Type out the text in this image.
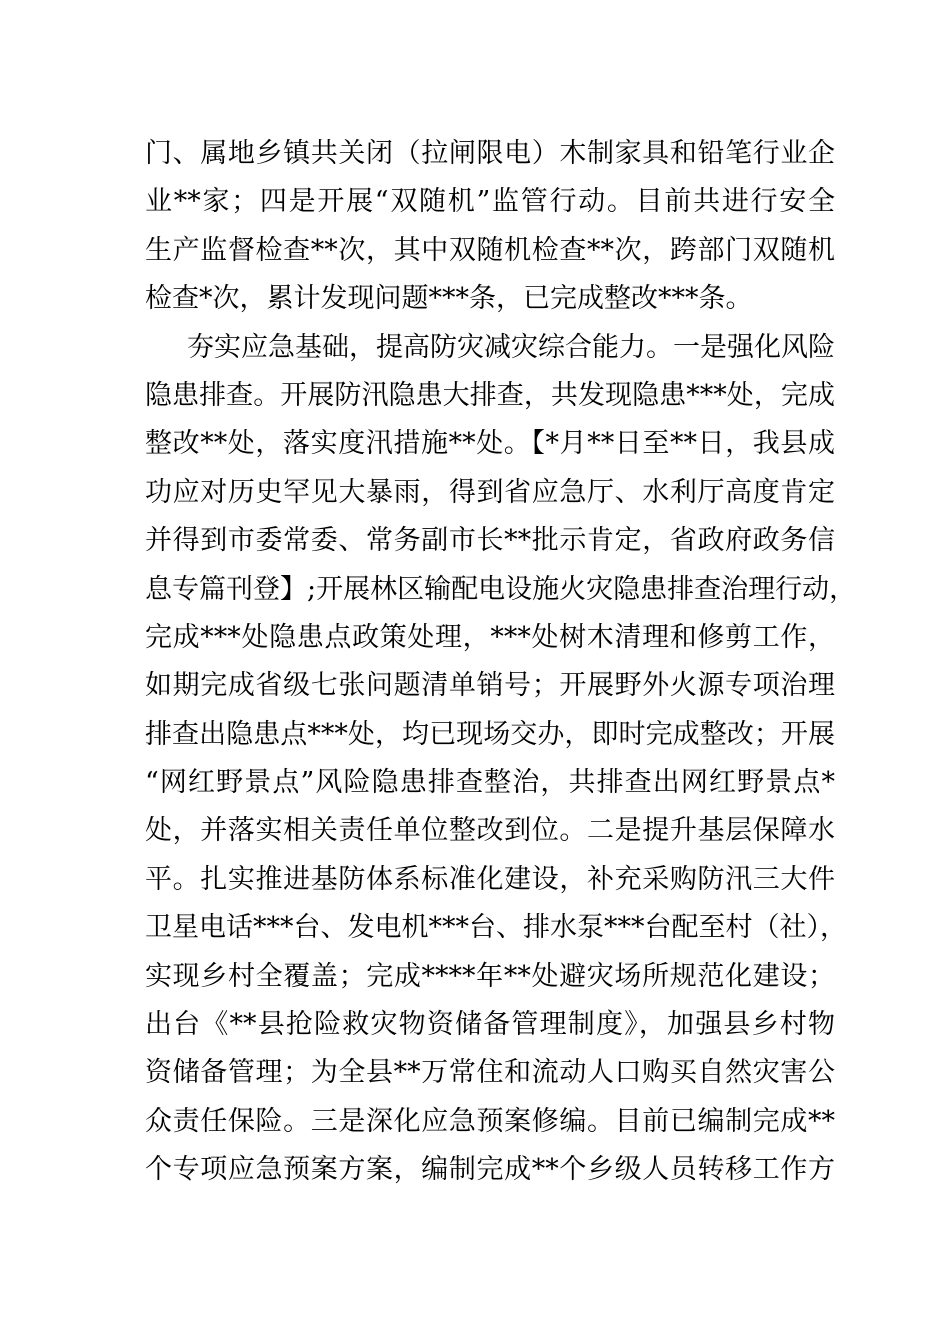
门、属地乡镇共关闭（拉闸限电）木制家具和铅笔行业企
业**家；四是开展“双随机”监管行动。目前共进行安全
生产监督检查**次，其中双随机检查**次，跨部门双随机
检查*次，累计发现问题***条，已完成整改***条。
夯实应急基础，提高防灾减灾综合能力。一是强化风险
隐患排查。开展防汛隐患大排查，共发现隐患***处，完成
整改**处，落实度汛措施**处。【*月**日至**日，我县成
功应对历史罕见大暴雨，得到省应急厅、水利厅高度肯定
并得到市委常委、常务副市长**批示肯定，省政府政务信
息专篇刊登】;开展林区输配电设施火灾隐患排查治理行动，
完成***处隐患点政策处理，***处树木清理和修剪工作，
如期完成省级七张问题清单销号；开展野外火源专项治理
排查出隐患点***处，均已现场交办，即时完成整改；开展
“网红野景点”风险隐患排查整治，共排查出网红野景点*
处，并落实相关责任单位整改到位。二是提升基层保障水
平。扎实推进基防体系标准化建设，补充采购防汛三大件
卫星电话***台、发电机***台、排水泵***台配至村（社），
实现乡村全覆盖；完成****年**处避灾场所规范化建设；
出台《**县抢险救灾物资储备管理制度》，加强县乡村物
资储备管理；为全县**万常住和流动人口购买自然灾害公
众责任保险。三是深化应急预案修编。目前已编制完成**
个专项应急预案方案，编制完成**个乡级人员转移工作方
